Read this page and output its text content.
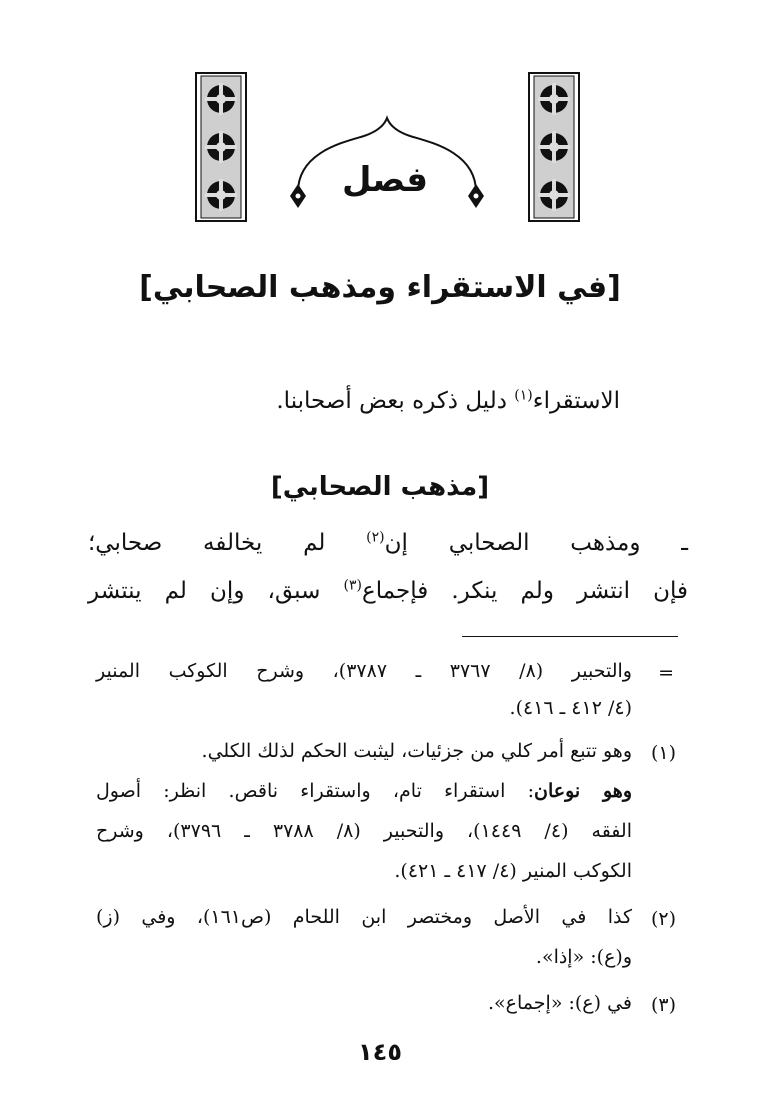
فصل
[في الاستقراء ومذهب الصحابي]
الاستقراء$^{(١)}$ دليل ذكره بعض أصحابنا.
[مذهب الصحابي]
ـ ومذهب الصحابي إن$^{(٢)}$ لم يخالفه صحابي؛
فإن انتشر ولم ينكر. فإجماع$^{(٣)}$ سبق، وإن لم ينتشر
=
والتحبير (٨/ ٣٧٦٧ ـ ٣٧٨٧)، وشرح الكوكب المنير
(٤/ ٤١٢ ـ ٤١٦).
(١)
وهو تتبع أمر كلي من جزئيات، ليثبت الحكم لذلك الكلي.
وهو نوعان: استقراء تام، واستقراء ناقص. انظر: أصول
الفقه (٤/ ١٤٤٩)، والتحبير (٨/ ٣٧٨٨ ـ ٣٧٩٦)، وشرح
الكوكب المنير (٤/ ٤١٧ ـ ٤٢١).
(٢)
كذا في الأصل ومختصر ابن اللحام (ص١٦١)، وفي (ز)
و(ع): «إذا».
(٣)
في (ع): «إجماع».
١٤٥
